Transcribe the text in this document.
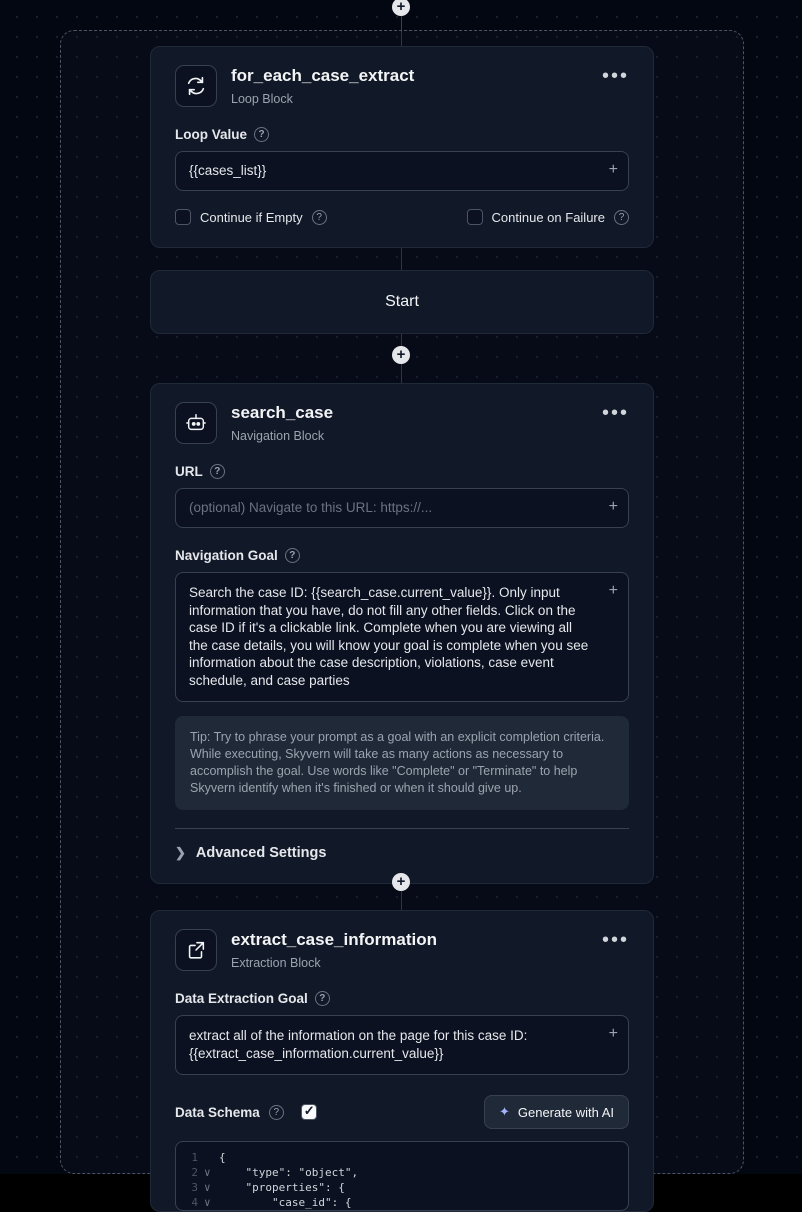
+
for_each_case_extract
Loop Block
•••
Loop Value	?
{{cases_list}}	+
Continue if Empty	?	Continue on Failure	?
Start
+
search_case
Navigation Block
•••
URL	?
(optional) Navigate to this URL: https://...	+
Navigation Goal	?
Search the case ID: {{search_case.current_value}}. Only input information that you have, do not fill any other fields. Click on the case ID if it's a clickable link. Complete when you are viewing all the case details, you will know your goal is complete when you see information about the case description, violations, case event schedule, and case parties
+
Tip: Try to phrase your prompt as a goal with an explicit completion criteria. While executing, Skyvern will take as many actions as necessary to accomplish the goal. Use words like "Complete" or "Terminate" to help Skyvern identify when it's finished or when it should give up.
❯ Advanced Settings
+
extract_case_information
Extraction Block
•••
Data Extraction Goal	?
extract all of the information on the page for this case ID: {{extract_case_information.current_value}}
+
Data Schema	? ✓	✦ Generate with AI
1 {
2 ∨ "type": "object",
3 ∨ "properties": {
4 ∨ "case_id": {
